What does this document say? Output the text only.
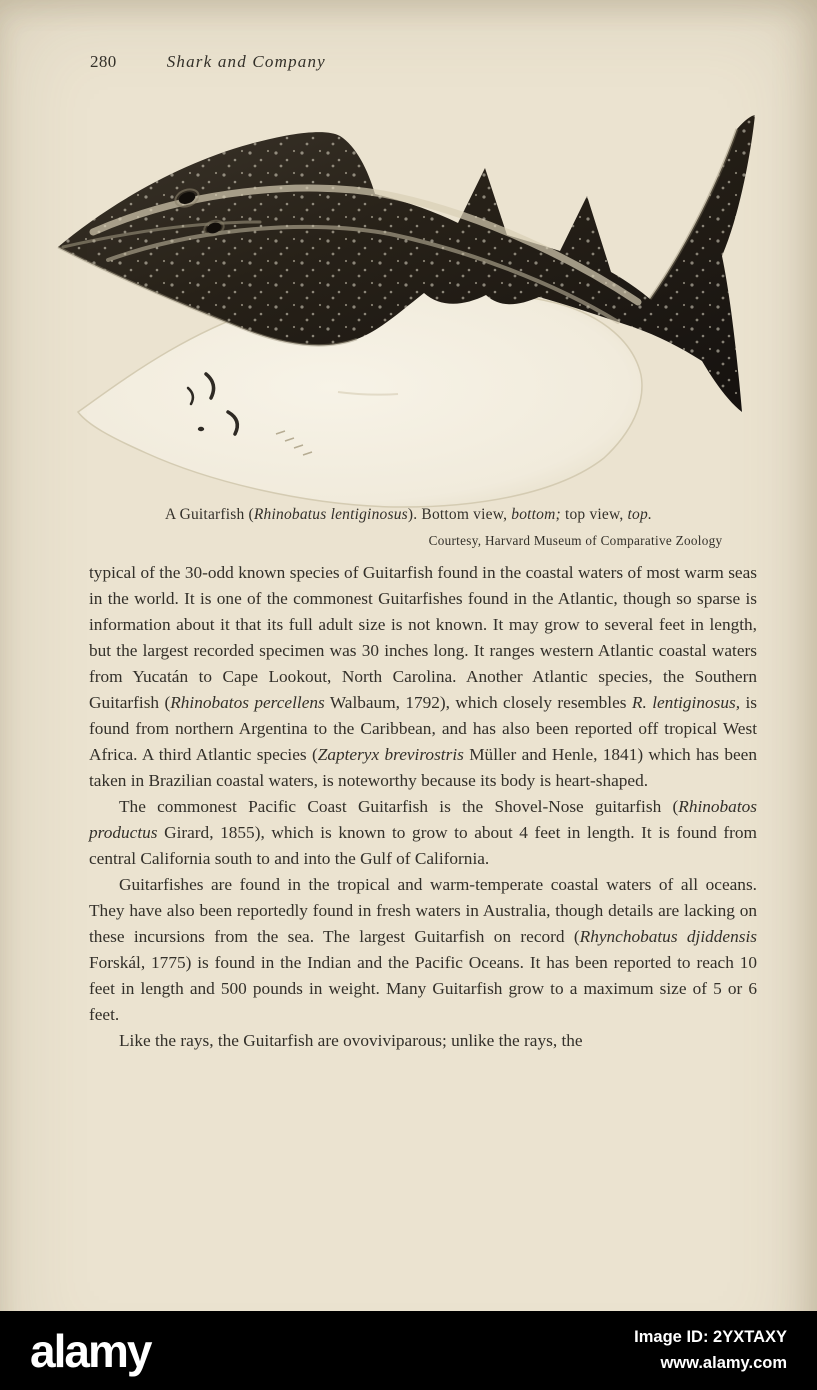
280	Shark and Company
A Guitarfish (Rhinobatus lentiginosus). Bottom view, bottom; top view, top.
Courtesy, Harvard Museum of Comparative Zoology

typical of the 30-odd known species of Guitarfish found in the coastal waters of most warm seas in the world. It is one of the commonest Guitarfishes found in the Atlantic, though so sparse is information about it that its full adult size is not known. It may grow to several feet in length, but the largest recorded specimen was 30 inches long. It ranges western Atlantic coastal waters from Yucatán to Cape Lookout, North Carolina. Another Atlantic species, the Southern Guitarfish (Rhinobatos percellens Walbaum, 1792), which closely resembles R. lentiginosus, is found from northern Argentina to the Caribbean, and has also been reported off tropical West Africa. A third Atlantic species (Zapteryx brevirostris Müller and Henle, 1841) which has been taken in Brazilian coastal waters, is noteworthy because its body is heart-shaped.

The commonest Pacific Coast Guitarfish is the Shovel-Nose guitarfish (Rhinobatos productus Girard, 1855), which is known to grow to about 4 feet in length. It is found from central California south to and into the Gulf of California.

Guitarfishes are found in the tropical and warm-temperate coastal waters of all oceans. They have also been reportedly found in fresh waters in Australia, though details are lacking on these incursions from the sea. The largest Guitarfish on record (Rhynchobatus djiddensis Forskál, 1775) is found in the Indian and the Pacific Oceans. It has been reported to reach 10 feet in length and 500 pounds in weight. Many Guitarfish grow to a maximum size of 5 or 6 feet.

Like the rays, the Guitarfish are ovoviviparous; unlike the rays, the

alamy	Image ID: 2YXTAXY
www.alamy.com
